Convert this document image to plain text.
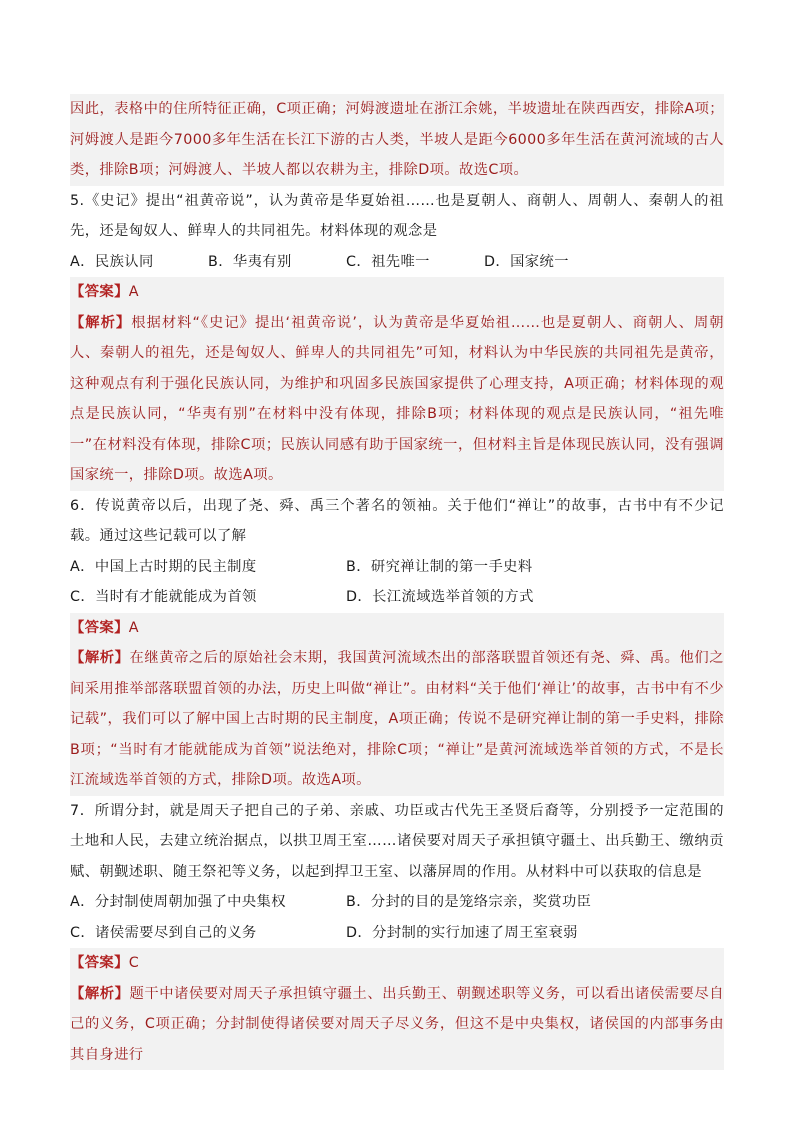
因此，表格中的住所特征正确，C项正确；河姆渡遗址在浙江余姚，半坡遗址在陕西西安，排除A项；河姆渡人是距今7000多年生活在长江下游的古人类，半坡人是距今6000多年生活在黄河流域的古人类，排除B项；河姆渡人、半坡人都以农耕为主，排除D项。故选C项。
5.《史记》提出“祖黄帝说”，认为黄帝是华夏始祖……也是夏朝人、商朝人、周朝人、秦朝人的祖先，还是匈奴人、鲜卑人的共同祖先。材料体现的观念是
A．民族认同	B．华夷有别	C．祖先唯一	D．国家统一
【答案】A
【解析】根据材料“《史记》提出‘祖黄帝说’，认为黄帝是华夏始祖……也是夏朝人、商朝人、周朝人、秦朝人的祖先，还是匈奴人、鲜卑人的共同祖先”可知，材料认为中华民族的共同祖先是黄帝，这种观点有利于强化民族认同，为维护和巩固多民族国家提供了心理支持，A项正确；材料体现的观点是民族认同，“华夷有别”在材料中没有体现，排除B项；材料体现的观点是民族认同，“祖先唯一”在材料没有体现，排除C项；民族认同感有助于国家统一，但材料主旨是体现民族认同，没有强调国家统一，排除D项。故选A项。
6．传说黄帝以后，出现了尧、舜、禹三个著名的领袖。关于他们“禅让”的故事，古书中有不少记载。通过这些记载可以了解
A．中国上古时期的民主制度	B．研究禅让制的第一手史料
C．当时有才能就能成为首领	D．长江流域选举首领的方式
【答案】A
【解析】在继黄帝之后的原始社会末期，我国黄河流域杰出的部落联盟首领还有尧、舜、禹。他们之间采用推举部落联盟首领的办法，历史上叫做“禅让”。由材料“关于他们‘禅让’的故事，古书中有不少记载”，我们可以了解中国上古时期的民主制度，A项正确；传说不是研究禅让制的第一手史料，排除B项；“当时有才能就能成为首领”说法绝对，排除C项；“禅让”是黄河流域选举首领的方式，不是长江流域选举首领的方式，排除D项。故选A项。
7．所谓分封，就是周天子把自己的子弟、亲戚、功臣或古代先王圣贤后裔等，分别授予一定范围的土地和人民，去建立统治据点，以拱卫周王室……诸侯要对周天子承担镇守疆土、出兵勤王、缴纳贡赋、朝觐述职、随王祭祀等义务，以起到捍卫王室、以藩屏周的作用。从材料中可以获取的信息是
A．分封制使周朝加强了中央集权	B．分封的目的是笼络宗亲，奖赏功臣
C．诸侯需要尽到自己的义务	D．分封制的实行加速了周王室衰弱
【答案】C
【解析】题干中诸侯要对周天子承担镇守疆土、出兵勤王、朝觐述职等义务，可以看出诸侯需要尽自己的义务，C项正确；分封制使得诸侯要对周天子尽义务，但这不是中央集权，诸侯国的内部事务由其自身进行
